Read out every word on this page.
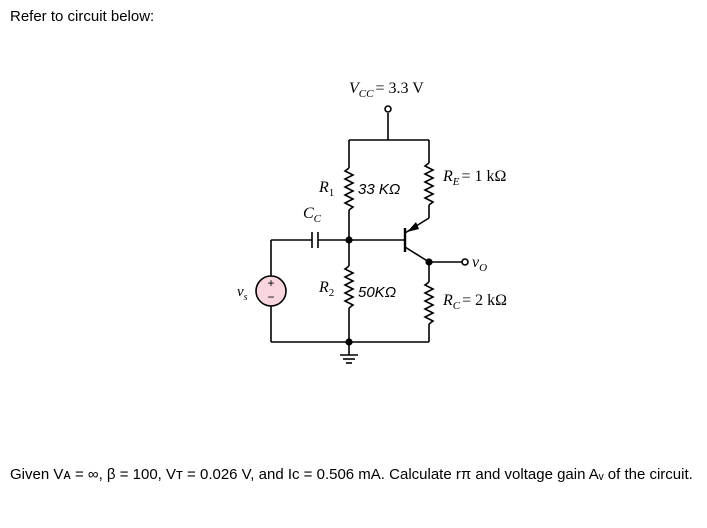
Refer to circuit below:
+
−
$V_{CC} = 3.3$ V
$R_1$ 33 KΩ
$C_C$
$R_E = 1$ kΩ
$v_O$
$v_s$
$R_2$ 50KΩ	$R_C = 2$ kΩ
Given Vᴀ = ∞, β = 100, Vᴛ = 0.026 V, and Ic = 0.506 mA. Calculate rπ and voltage gain Aᵥ of the circuit.
